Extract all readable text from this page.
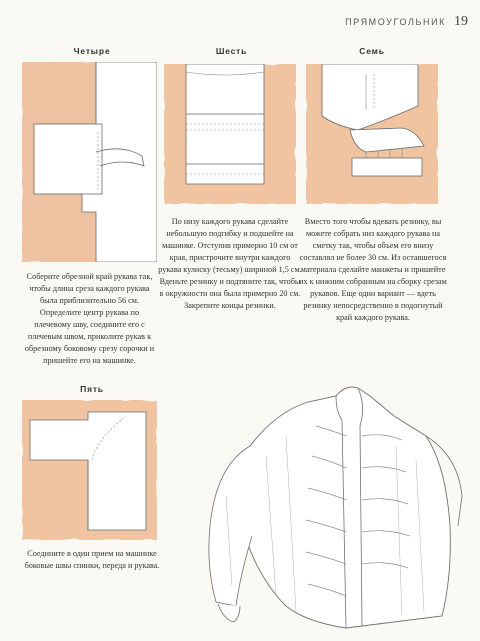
ПРЯМОУГОЛЬНИК 19
Четыре
Соберите обрезной край рукава так, чтобы длина среза каждого рукава была приблизительно 56 см. Определите центр рукава по плечевому шву, соедините его с плечевым швом, приколите рукав к обрезному боковому срезу сорочки и пришейте его на машинке.
Шесть
По низу каждого рукава сделайте небольшую подгибку и подшейте на машинке. Отступив примерно 10 см от края, пристрочите внутри каждого рукава кулиску (тесьму) шириной 1,5 см. Вденьте резинку и подтяните так, чтобы в окружности она была примерно 20 см. Закрепите концы резинки.
Семь
Вместо того чтобы вдевать резинку, вы можете собрать низ каждого рукава на сметку так, чтобы объем его внизу составлял не более 30 см. Из оставшегося материала сделайте манжеты и пришейте их к нижним собранным на сборку срезам рукавов. Еще один вариант — вдеть резинку непосредственно в подогнутый край каждого рукава.
Пять
Соедините в один прием на машинке боковые швы спинки, переда и рукава.
